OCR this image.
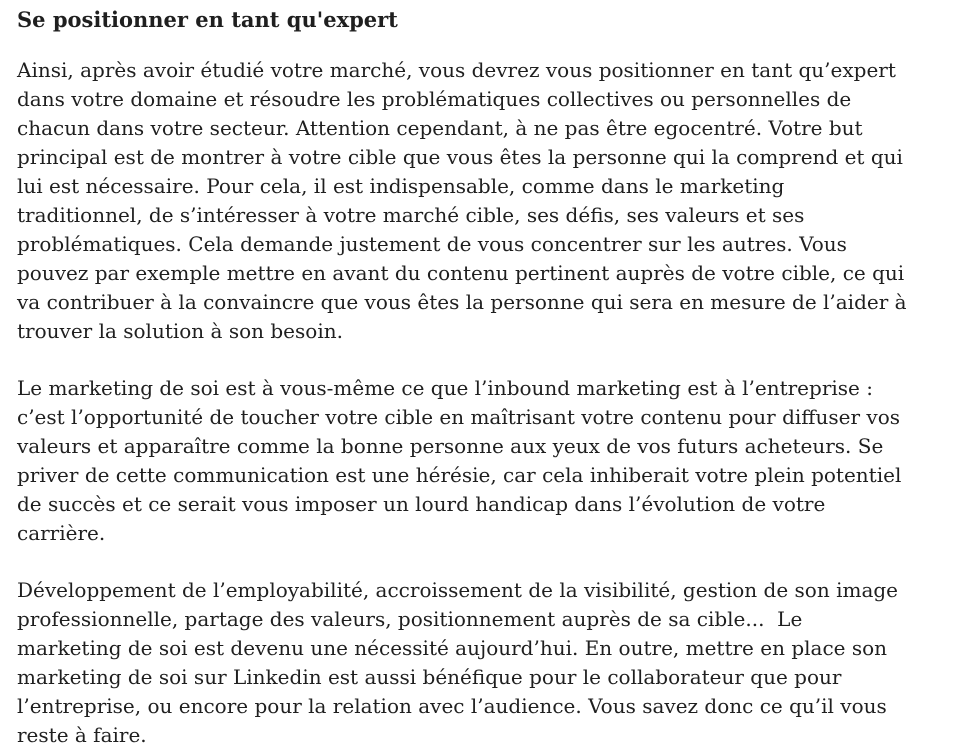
Se positionner en tant qu'expert

Ainsi, après avoir étudié votre marché, vous devrez vous positionner en tant qu’expert dans votre domaine et résoudre les problématiques collectives ou personnelles de chacun dans votre secteur. Attention cependant, à ne pas être egocentré. Votre but principal est de montrer à votre cible que vous êtes la personne qui la comprend et qui lui est nécessaire. Pour cela, il est indispensable, comme dans le marketing traditionnel, de s’intéresser à votre marché cible, ses défis, ses valeurs et ses problématiques. Cela demande justement de vous concentrer sur les autres. Vous pouvez par exemple mettre en avant du contenu pertinent auprès de votre cible, ce qui va contribuer à la convaincre que vous êtes la personne qui sera en mesure de l’aider à trouver la solution à son besoin.

Le marketing de soi est à vous-même ce que l’inbound marketing est à l’entreprise : c’est l’opportunité de toucher votre cible en maîtrisant votre contenu pour diffuser vos valeurs et apparaître comme la bonne personne aux yeux de vos futurs acheteurs. Se priver de cette communication est une hérésie, car cela inhiberait votre plein potentiel de succès et ce serait vous imposer un lourd handicap dans l’évolution de votre carrière.

Développement de l’employabilité, accroissement de la visibilité, gestion de son image professionnelle, partage des valeurs, positionnement auprès de sa cible...  Le marketing de soi est devenu une nécessité aujourd’hui. En outre, mettre en place son marketing de soi sur Linkedin est aussi bénéfique pour le collaborateur que pour l’entreprise, ou encore pour la relation avec l’audience. Vous savez donc ce qu’il vous reste à faire.
